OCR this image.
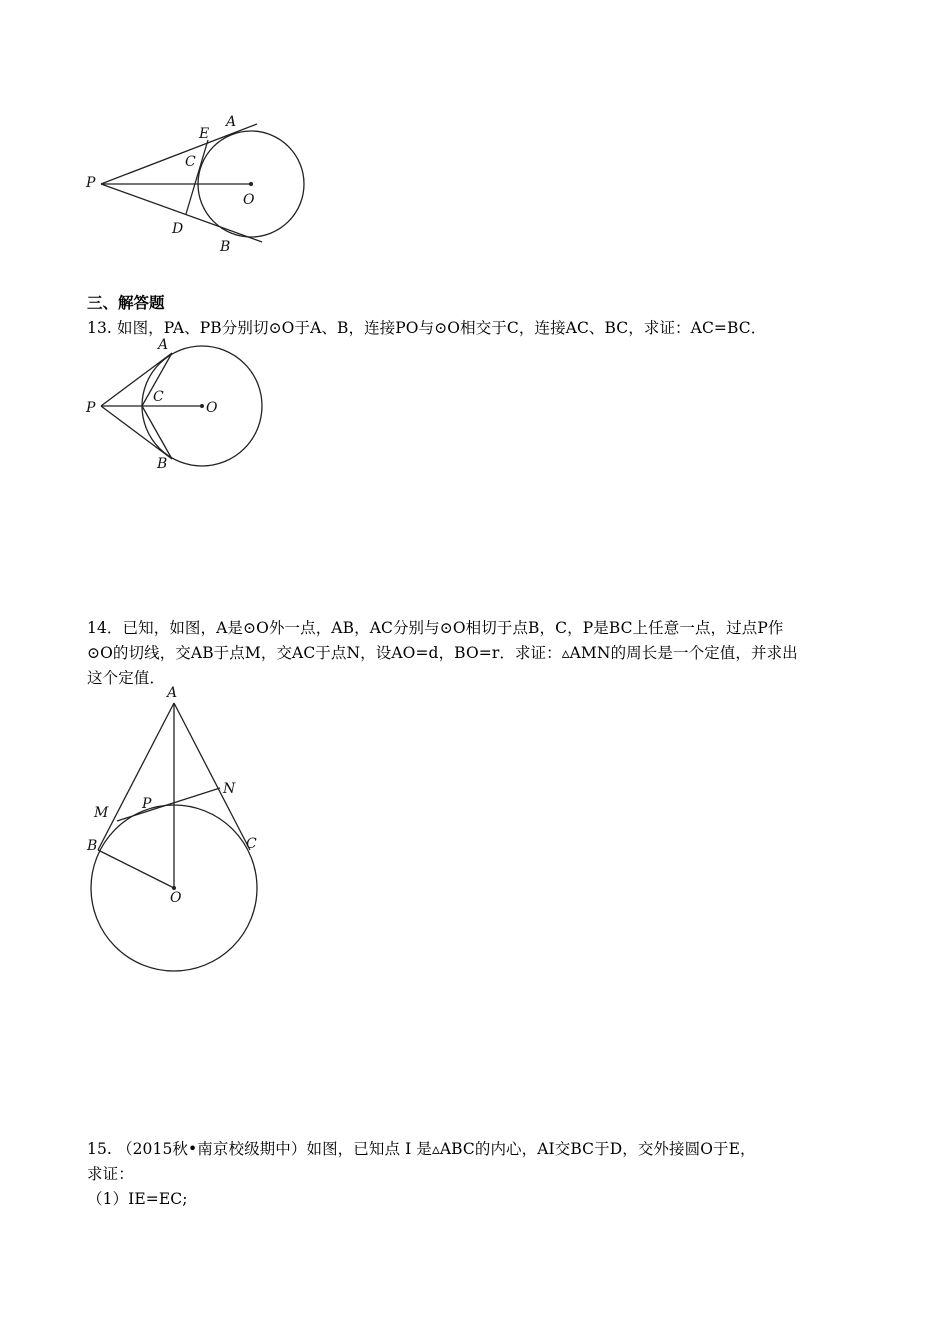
P
E
A
C
O
D
B
三、解答题
13. 如图，PA、PB分别切⊙O于A、B，连接PO与⊙O相交于C，连接AC、BC，求证：AC=BC．
P
A
C
O
B
14．已知，如图，A是⊙O外一点，AB，AC分别与⊙O相切于点B，C，P是BC上任意一点，过点P作
⊙O的切线，交AB于点M，交AC于点N，设AO=d，BO=r．求证：▵AMN的周长是一个定值，并求出
这个定值．
A
M
P
N
B	C
O
15. （2015秋•南京校级期中）如图，已知点 I 是▵ABC的内心，AI交BC于D，交外接圆O于E，
求证：
（1）IE=EC;
